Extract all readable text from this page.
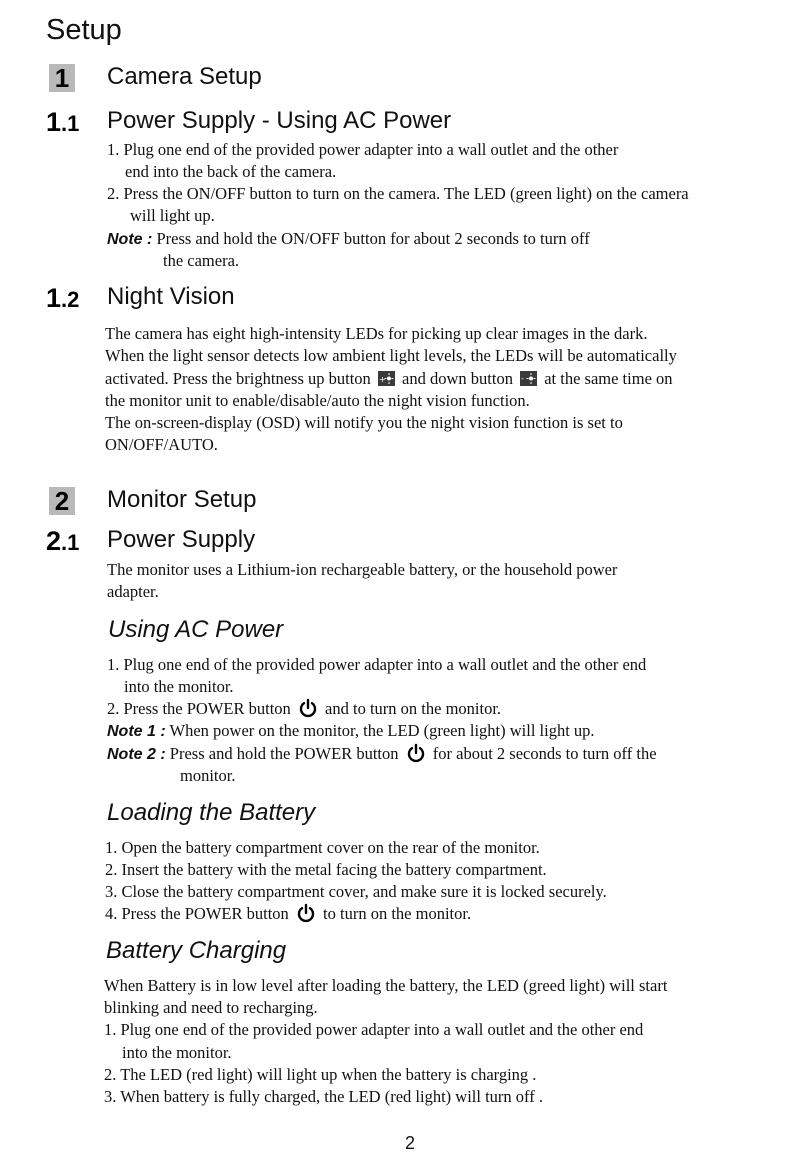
Setup
1 Camera Setup
1.1 Power Supply - Using AC Power
1. Plug one end of the provided power adapter into a wall outlet and the other
end into the back of the camera.
2. Press the ON/OFF button to turn on the camera. The LED (green light) on the camera
will light up.
Note : Press and hold the ON/OFF button for about 2 seconds to turn off
the camera.
1.2 Night Vision
The camera has eight high-intensity LEDs for picking up clear images in the dark.
When the light sensor detects low ambient light levels, the LEDs will be automatically
activated. Press the brightness up button + and down button - at the same time on
the monitor unit to enable/disable/auto the night vision function.
The on-screen-display (OSD) will notify you the night vision function is set to
ON/OFF/AUTO.
2 Monitor Setup
2.1 Power Supply
The monitor uses a Lithium-ion rechargeable battery, or the household power
adapter.
Using AC Power
1. Plug one end of the provided power adapter into a wall outlet and the other end
into the monitor.
2. Press the POWER button and to turn on the monitor.
Note 1 : When power on the monitor, the LED (green light) will light up.
Note 2 : Press and hold the POWER button for about 2 seconds to turn off the
monitor.
Loading the Battery
1. Open the battery compartment cover on the rear of the monitor.
2. Insert the battery with the metal facing the battery compartment.
3. Close the battery compartment cover, and make sure it is locked securely.
4. Press the POWER button to turn on the monitor.
Battery Charging
When Battery is in low level after loading the battery, the LED (greed light) will start
blinking and need to recharging.
1. Plug one end of the provided power adapter into a wall outlet and the other end
into the monitor.
2. The LED (red light) will light up when the battery is charging .
3. When battery is fully charged, the LED (red light) will turn off .
2
